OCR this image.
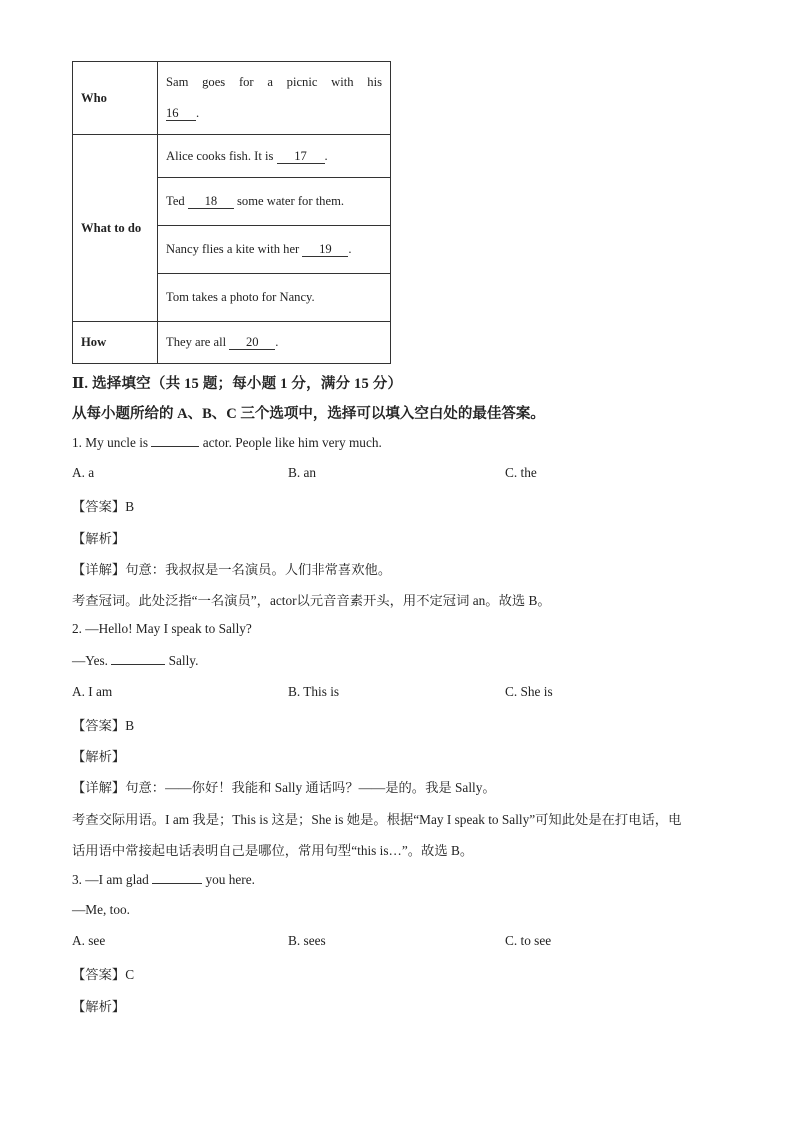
Who	Sam goes for a picnic with his
16 .

What to do	Alice cooks fish. It is 17 .
	Ted 18 some water for them.
	Nancy flies a kite with her 19 .
	Tom takes a photo for Nancy.
How	They are all 20 .
Ⅱ. 选择填空（共 15 题；每小题 1 分，满分 15 分）
从每小题所给的 A、B、C 三个选项中，选择可以填入空白处的最佳答案。
1. My uncle is	actor. People like him very much.
A. a	B. an	C. the
【答案】B
【解析】
【详解】句意：我叔叔是一名演员。人们非常喜欢他。
考查冠词。此处泛指“一名演员”，actor以元音音素开头，用不定冠词 an。故选 B。
2. —Hello! May I speak to Sally?
—Yes.	Sally.
A. I am	B. This is	C. She is
【答案】B
【解析】
【详解】句意：——你好！我能和 Sally 通话吗？——是的。我是 Sally。
考查交际用语。I am 我是；This is 这是；She is 她是。根据“May I speak to Sally”可知此处是在打电话，电
话用语中常接起电话表明自己是哪位，常用句型“this is…”。故选 B。
3. —I am glad	you here.
—Me, too.
A. see	B. sees	C. to see
【答案】C
【解析】
